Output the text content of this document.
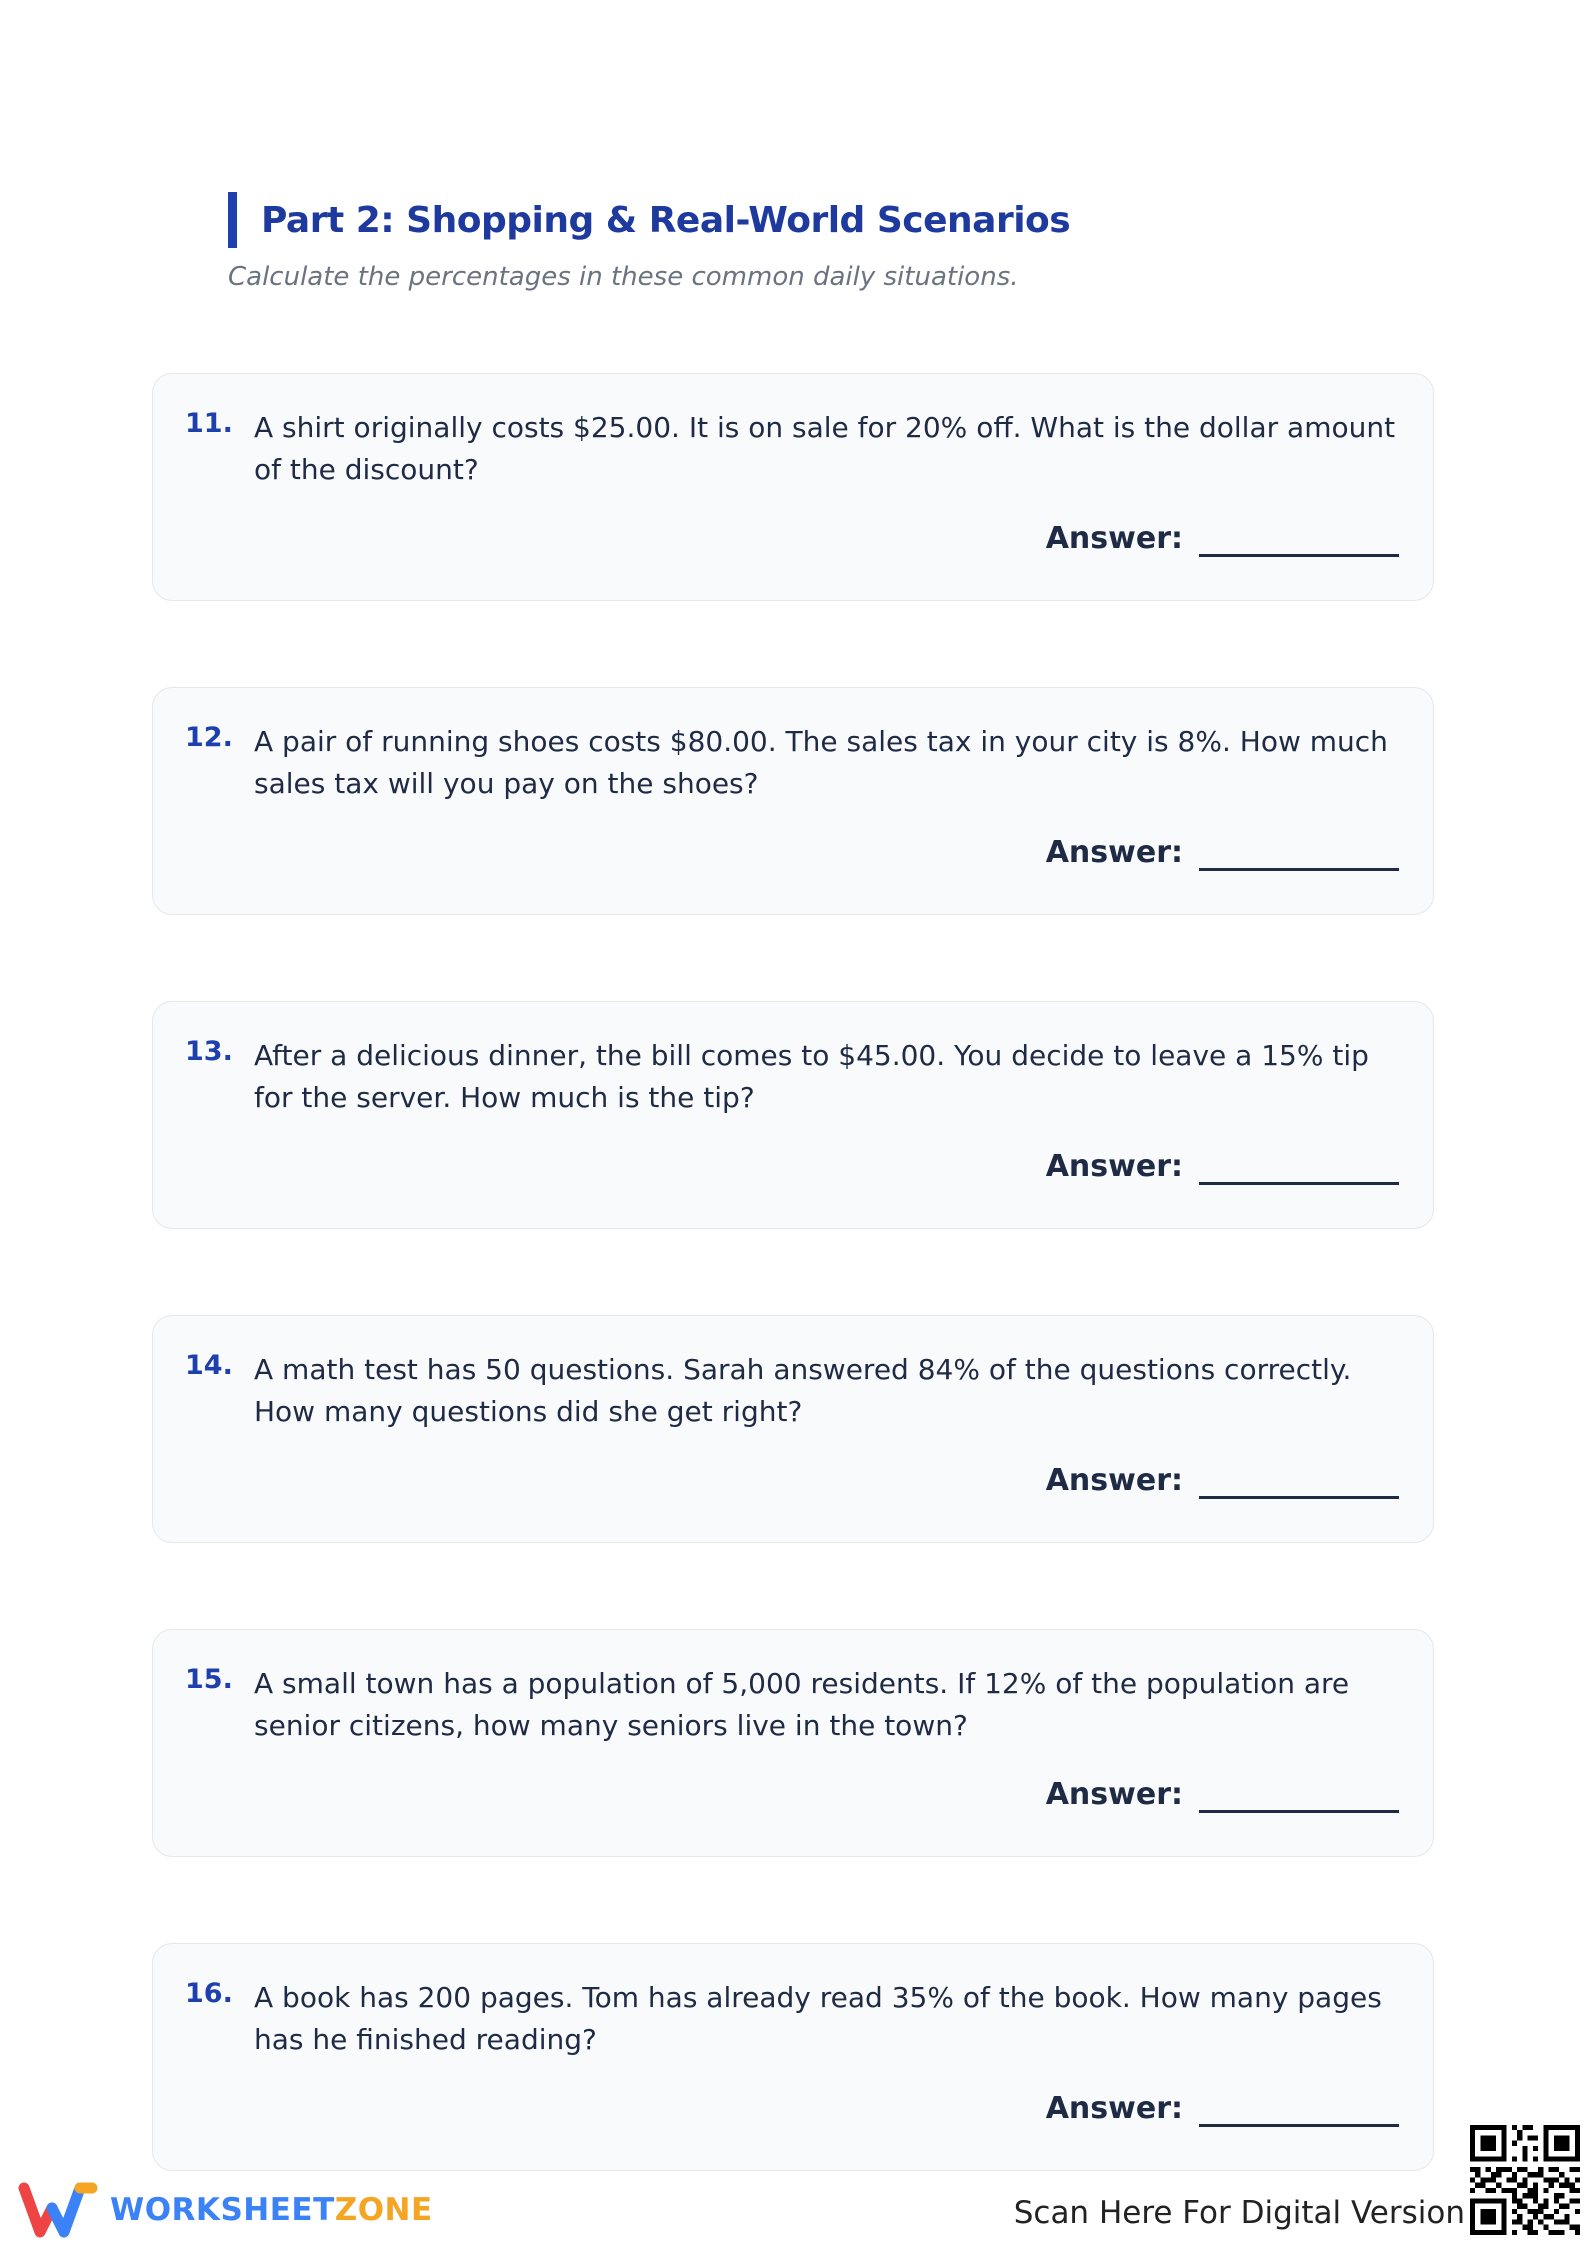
Part 2: Shopping & Real-World Scenarios
Calculate the percentages in these common daily situations.
11. A shirt originally costs $25.00. It is on sale for 20% off. What is the dollar amount of the discount?
Answer:
12. A pair of running shoes costs $80.00. The sales tax in your city is 8%. How much sales tax will you pay on the shoes?
Answer:
13. After a delicious dinner, the bill comes to $45.00. You decide to leave a 15% tip for the server. How much is the tip?
Answer:
14. A math test has 50 questions. Sarah answered 84% of the questions correctly. How many questions did she get right?
Answer:
15. A small town has a population of 5,000 residents. If 12% of the population are senior citizens, how many seniors live in the town?
Answer:
16. A book has 200 pages. Tom has already read 35% of the book. How many pages has he finished reading?
Answer:
WORKSHEETZONE	Scan Here For Digital Version
